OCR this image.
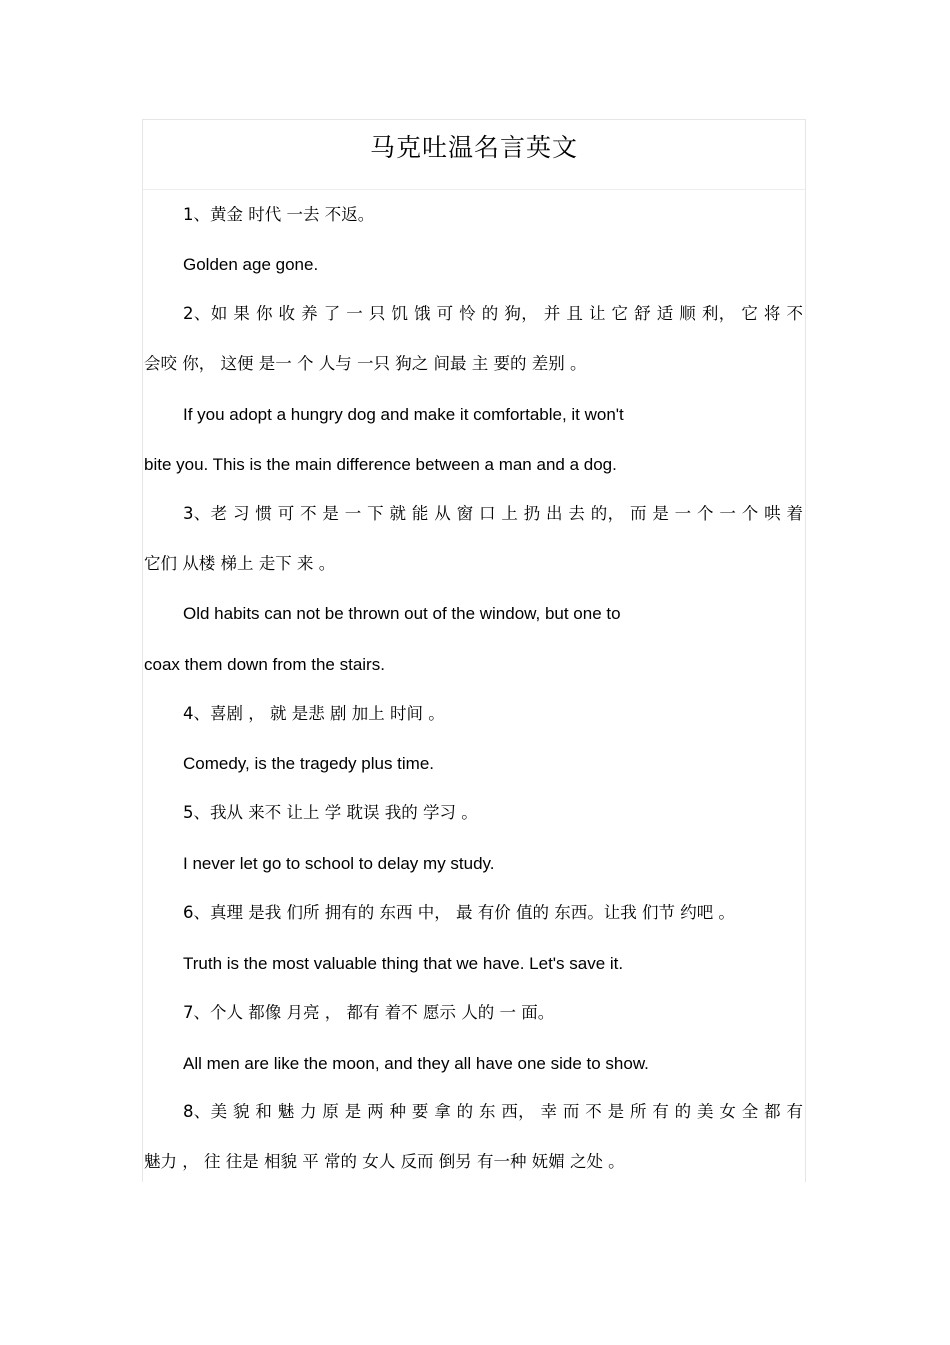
马克吐温名言英文
1、黄金 时代 一去 不返。
Golden age gone.
2、如 果 你 收 养 了 一 只 饥 饿 可 怜 的 狗， 并 且 让 它 舒 适 顺 利， 它 将 不
会咬 你， 这便 是一 个 人与 一只 狗之 间最 主 要的 差别 。
If you adopt a hungry dog and make it comfortable, it won't
bite you. This is the main difference between a man and a dog.
3、老 习 惯 可 不 是 一 下 就 能 从 窗 口 上 扔 出 去 的， 而 是 一 个 一 个 哄 着
它们 从楼 梯上 走下 来 。
Old habits can not be thrown out of the window, but one to
coax them down from the stairs.
4、喜剧 ， 就 是悲 剧 加上 时间 。
Comedy, is the tragedy plus time.
5、我从 来不 让上 学 耽误 我的 学习 。
I never let go to school to delay my study.
6、真理 是我 们所 拥有的 东西 中， 最 有价 值的 东西。让我 们节 约吧 。
Truth is the most valuable thing that we have. Let's save it.
7、个人 都像 月亮 ， 都有 着不 愿示 人的 一 面。
All men are like the moon, and they all have one side to show.
8、美 貌 和 魅 力 原 是 两 种 要 拿 的 东 西， 幸 而 不 是 所 有 的 美 女 全 都 有
魅力 ， 往 往是 相貌 平 常的 女人 反而 倒另 有一种 妩媚 之处 。
